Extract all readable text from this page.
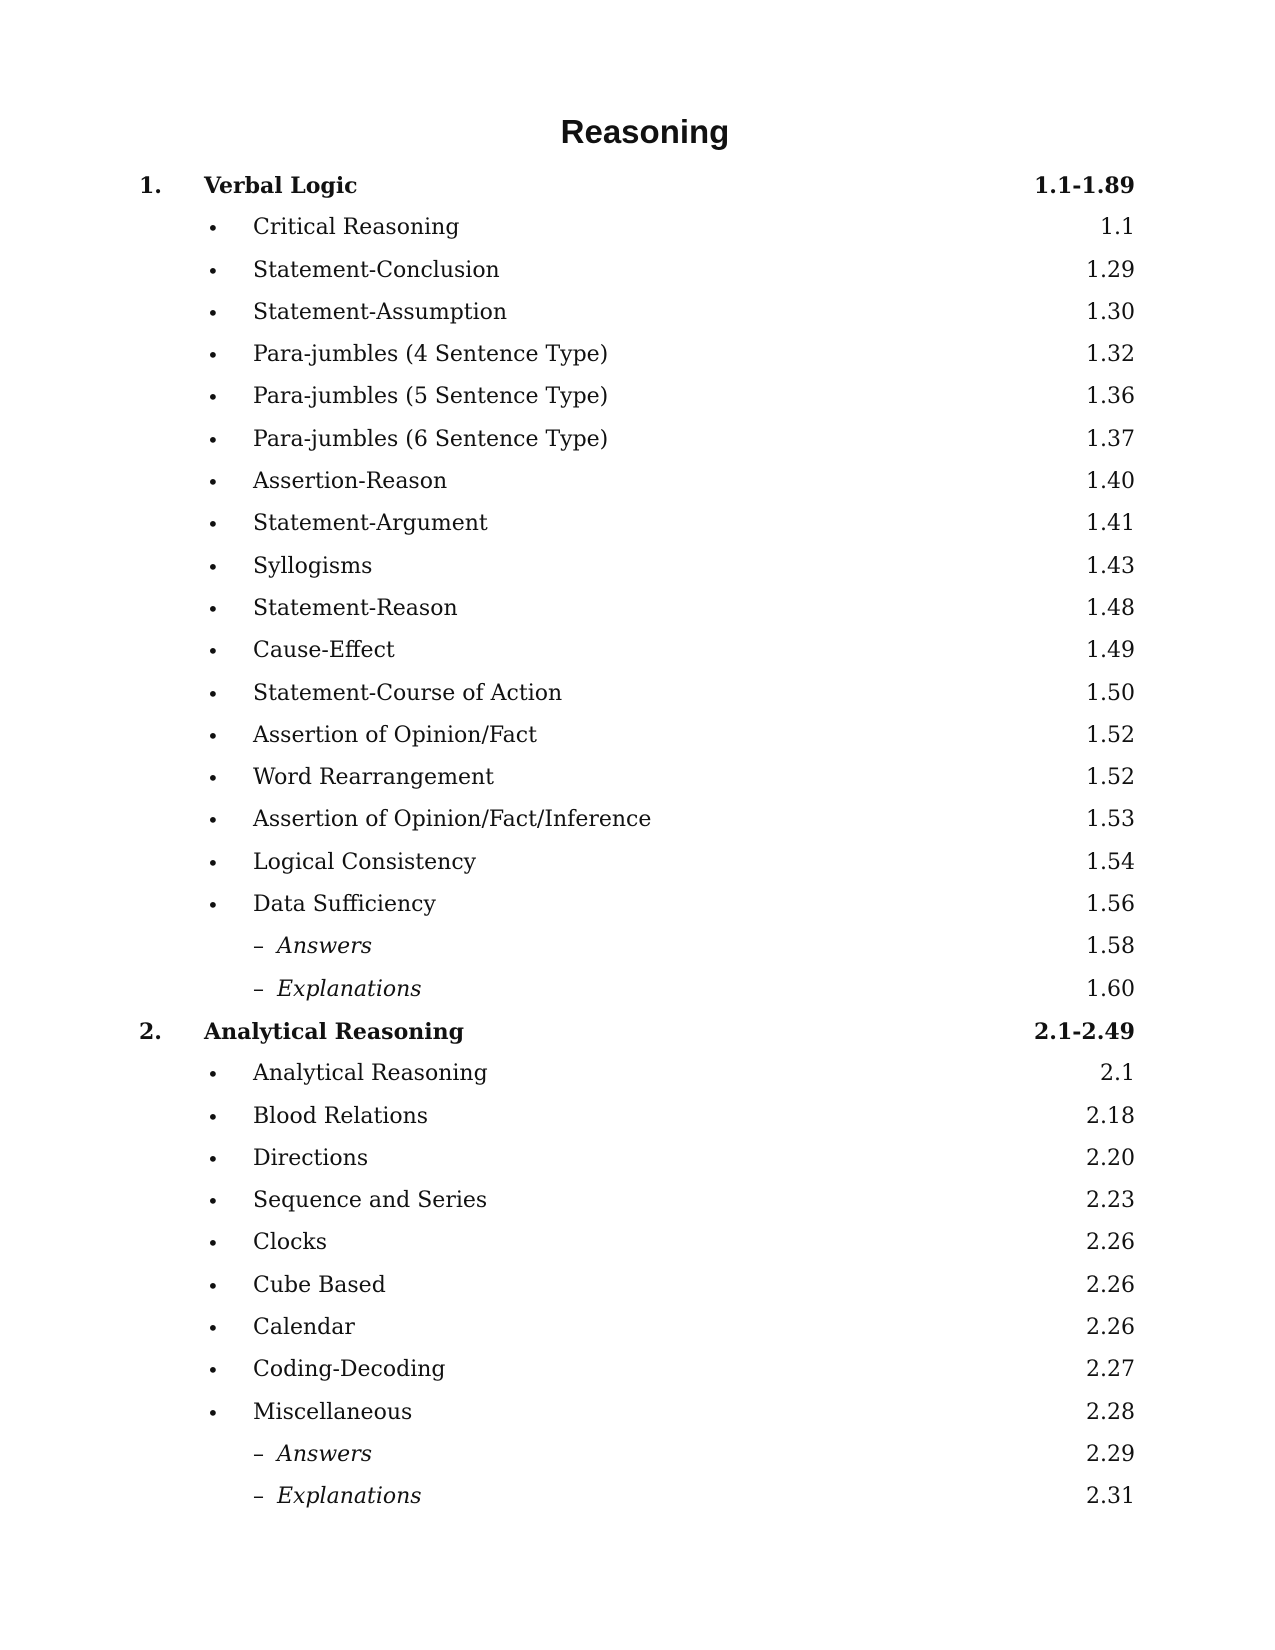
Reasoning
1. Verbal Logic	1.1-1.89
• Critical Reasoning	1.1
• Statement-Conclusion	1.29
• Statement-Assumption	1.30
• Para-jumbles (4 Sentence Type)	1.32
• Para-jumbles (5 Sentence Type)	1.36
• Para-jumbles (6 Sentence Type)	1.37
• Assertion-Reason	1.40
• Statement-Argument	1.41
• Syllogisms	1.43
• Statement-Reason	1.48
• Cause-Effect	1.49
• Statement-Course of Action	1.50
• Assertion of Opinion/Fact	1.52
• Word Rearrangement	1.52
• Assertion of Opinion/Fact/Inference	1.53
• Logical Consistency	1.54
• Data Sufficiency	1.56
– Answers	1.58
– Explanations	1.60
2. Analytical Reasoning	2.1-2.49
• Analytical Reasoning	2.1
• Blood Relations	2.18
• Directions	2.20
• Sequence and Series	2.23
• Clocks	2.26
• Cube Based	2.26
• Calendar	2.26
• Coding-Decoding	2.27
• Miscellaneous	2.28
– Answers	2.29
– Explanations	2.31
